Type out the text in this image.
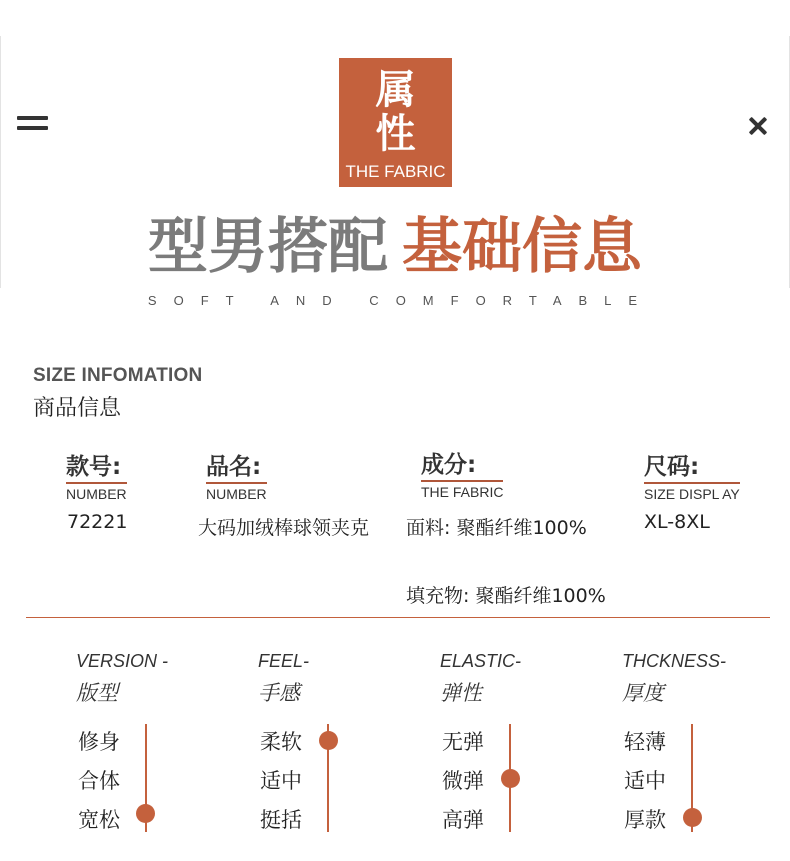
属
性
THE FABRIC
型男搭配 基础信息
SOFT AND COMFORTABLE
SIZE INFOMATION
商品信息
款号:
NUMBER
72221
品名:
NUMBER
大码加绒棒球领夹克
成分:
THE FABRIC
面料: 聚酯纤维100%
填充物: 聚酯纤维100%
尺码:
SIZE DISPL AY
XL-8XL
VERSION -
版型
修身
合体
宽松
FEEL-
手感
柔软
适中
挺括
ELASTIC-
弹性
无弹
微弹
高弹
THCKNESS-
厚度
轻薄
适中
厚款
